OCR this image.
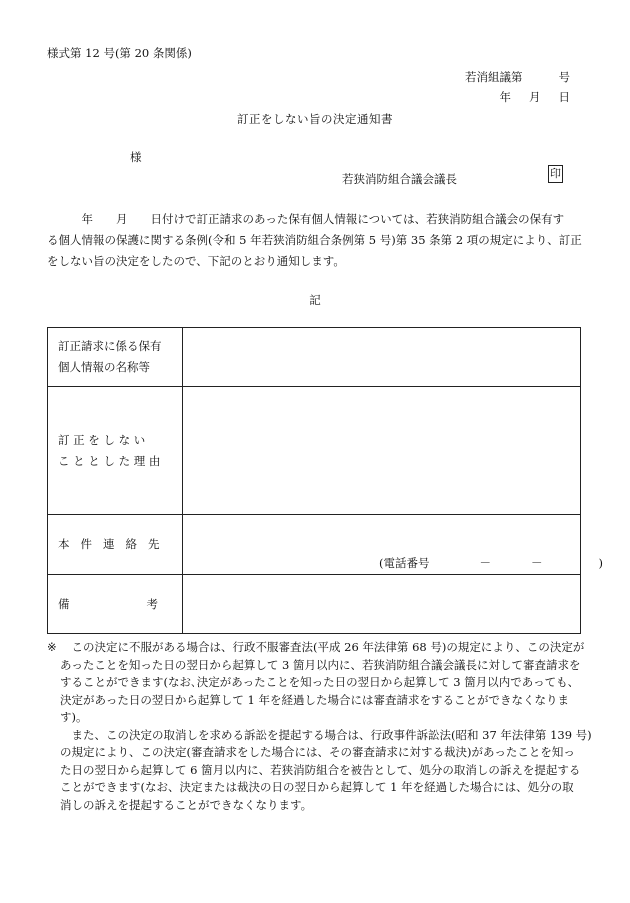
様式第 12 号(第 20 条関係)
若消組議第	号
年 月 日
訂正をしない旨の決定通知書
様
若狭消防組合議会議長	印
　　　年　　月　　日付けで訂正請求のあった保有個人情報については、若狭消防組合議会の保有す
る個人情報の保護に関する条例(令和 5 年若狭消防組合条例第 5 号)第 35 条第 2 項の規定により、訂正
をしない旨の決定をしたので、下記のとおり通知します。
記
訂正請求に係る保有
個人情報の名称等	

訂 正 を し な い
こ と と し た 理 由	

本件連絡先	(電話番号 － － )

備 考	

※ 　この決定に不服がある場合は、行政不服審査法(平成 26 年法律第 68 号)の規定により、この決定が
あったことを知った日の翌日から起算して 3 箇月以内に、若狭消防組合議会議長に対して審査請求を
することができます(なお､決定があったことを知った日の翌日から起算して 3 箇月以内であっても、
決定があった日の翌日から起算して 1 年を経過した場合には審査請求をすることができなくなりま
す)。
　また、この決定の取消しを求める訴訟を提起する場合は、行政事件訴訟法(昭和 37 年法律第 139 号)
の規定により、この決定(審査請求をした場合には、その審査請求に対する裁決)があったことを知っ
た日の翌日から起算して 6 箇月以内に、若狭消防組合を被告として、処分の取消しの訴えを提起する
ことができます(なお、決定または裁決の日の翌日から起算して 1 年を経過した場合には、処分の取
消しの訴えを提起することができなくなります。
